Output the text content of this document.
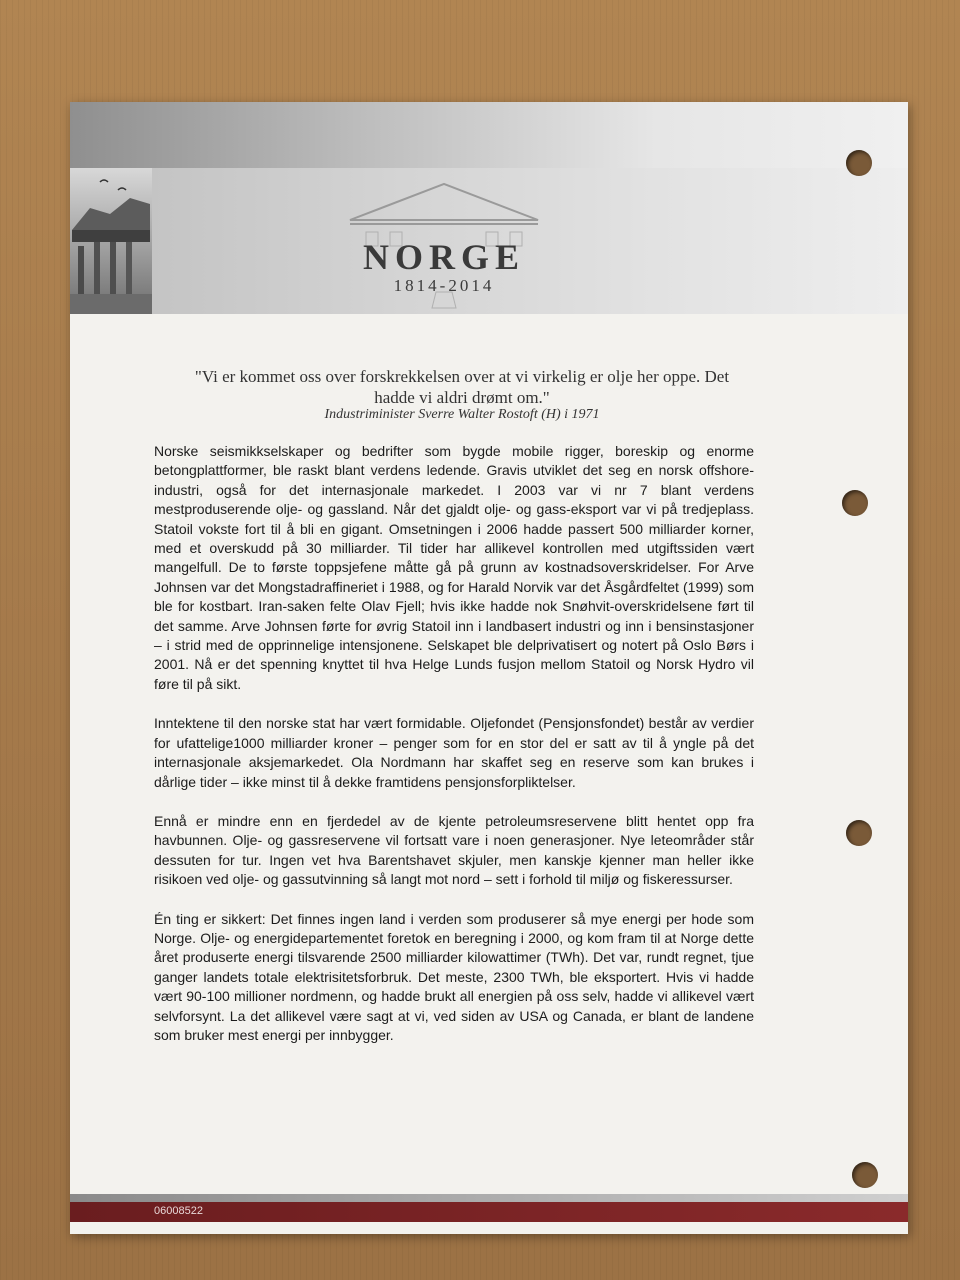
NORGE

1814-2014

"Vi er kommet oss over forskrekkelsen over at vi virkelig er olje her oppe. Det hadde vi aldri drømt om."

Industriminister Sverre Walter Rostoft (H) i 1971

Norske seismikkselskaper og bedrifter som bygde mobile rigger, boreskip og enorme betongplattformer, ble raskt blant verdens ledende. Gravis utviklet det seg en norsk offshore-industri, også for det internasjonale markedet. I 2003 var vi nr 7 blant verdens mestproduserende olje- og gassland. Når det gjaldt olje- og gass-eksport var vi på tredjeplass. Statoil vokste fort til å bli en gigant. Omsetningen i 2006 hadde passert 500 milliarder korner, med et overskudd på 30 milliarder. Til tider har allikevel kontrollen med utgiftssiden vært mangelfull. De to første toppsjefene måtte gå på grunn av kostnadsoverskridelser. For Arve Johnsen var det Mongstadraffineriet i 1988, og for Harald Norvik var det Åsgårdfeltet (1999) som ble for kostbart. Iran-saken felte Olav Fjell; hvis ikke hadde nok Snøhvit-overskridelsene ført til det samme. Arve Johnsen førte for øvrig Statoil inn i landbasert industri og inn i bensinstasjoner – i strid med de opprinnelige intensjonene. Selskapet ble delprivatisert og notert på Oslo Børs i 2001. Nå er det spenning knyttet til hva Helge Lunds fusjon mellom Statoil og Norsk Hydro vil føre til på sikt.

Inntektene til den norske stat har vært formidable. Oljefondet (Pensjonsfondet) består av verdier for ufattelige1000 milliarder kroner – penger som for en stor del er satt av til å yngle på det internasjonale aksjemarkedet. Ola Nordmann har skaffet seg en reserve som kan brukes i dårlige tider – ikke minst til å dekke framtidens pensjonsforpliktelser.

Ennå er mindre enn en fjerdedel av de kjente petroleumsreservene blitt hentet opp fra havbunnen. Olje- og gassreservene vil fortsatt vare i noen generasjoner. Nye leteområder står dessuten for tur. Ingen vet hva Barentshavet skjuler, men kanskje kjenner man heller ikke risikoen ved olje- og gassutvinning så langt mot nord – sett i forhold til miljø og fiskeressurser.

Én ting er sikkert: Det finnes ingen land i verden som produserer så mye energi per hode som Norge. Olje- og energidepartementet foretok en beregning i 2000, og kom fram til at Norge dette året produserte energi tilsvarende 2500 milliarder kilowattimer (TWh). Det var, rundt regnet, tjue ganger landets totale elektrisitetsforbruk. Det meste, 2300 TWh, ble eksportert. Hvis vi hadde vært 90-100 millioner nordmenn, og hadde brukt all energien på oss selv, hadde vi allikevel vært selvforsynt. La det allikevel være sagt at vi, ved siden av USA og Canada, er blant de landene som bruker mest energi per innbygger.

06008522
